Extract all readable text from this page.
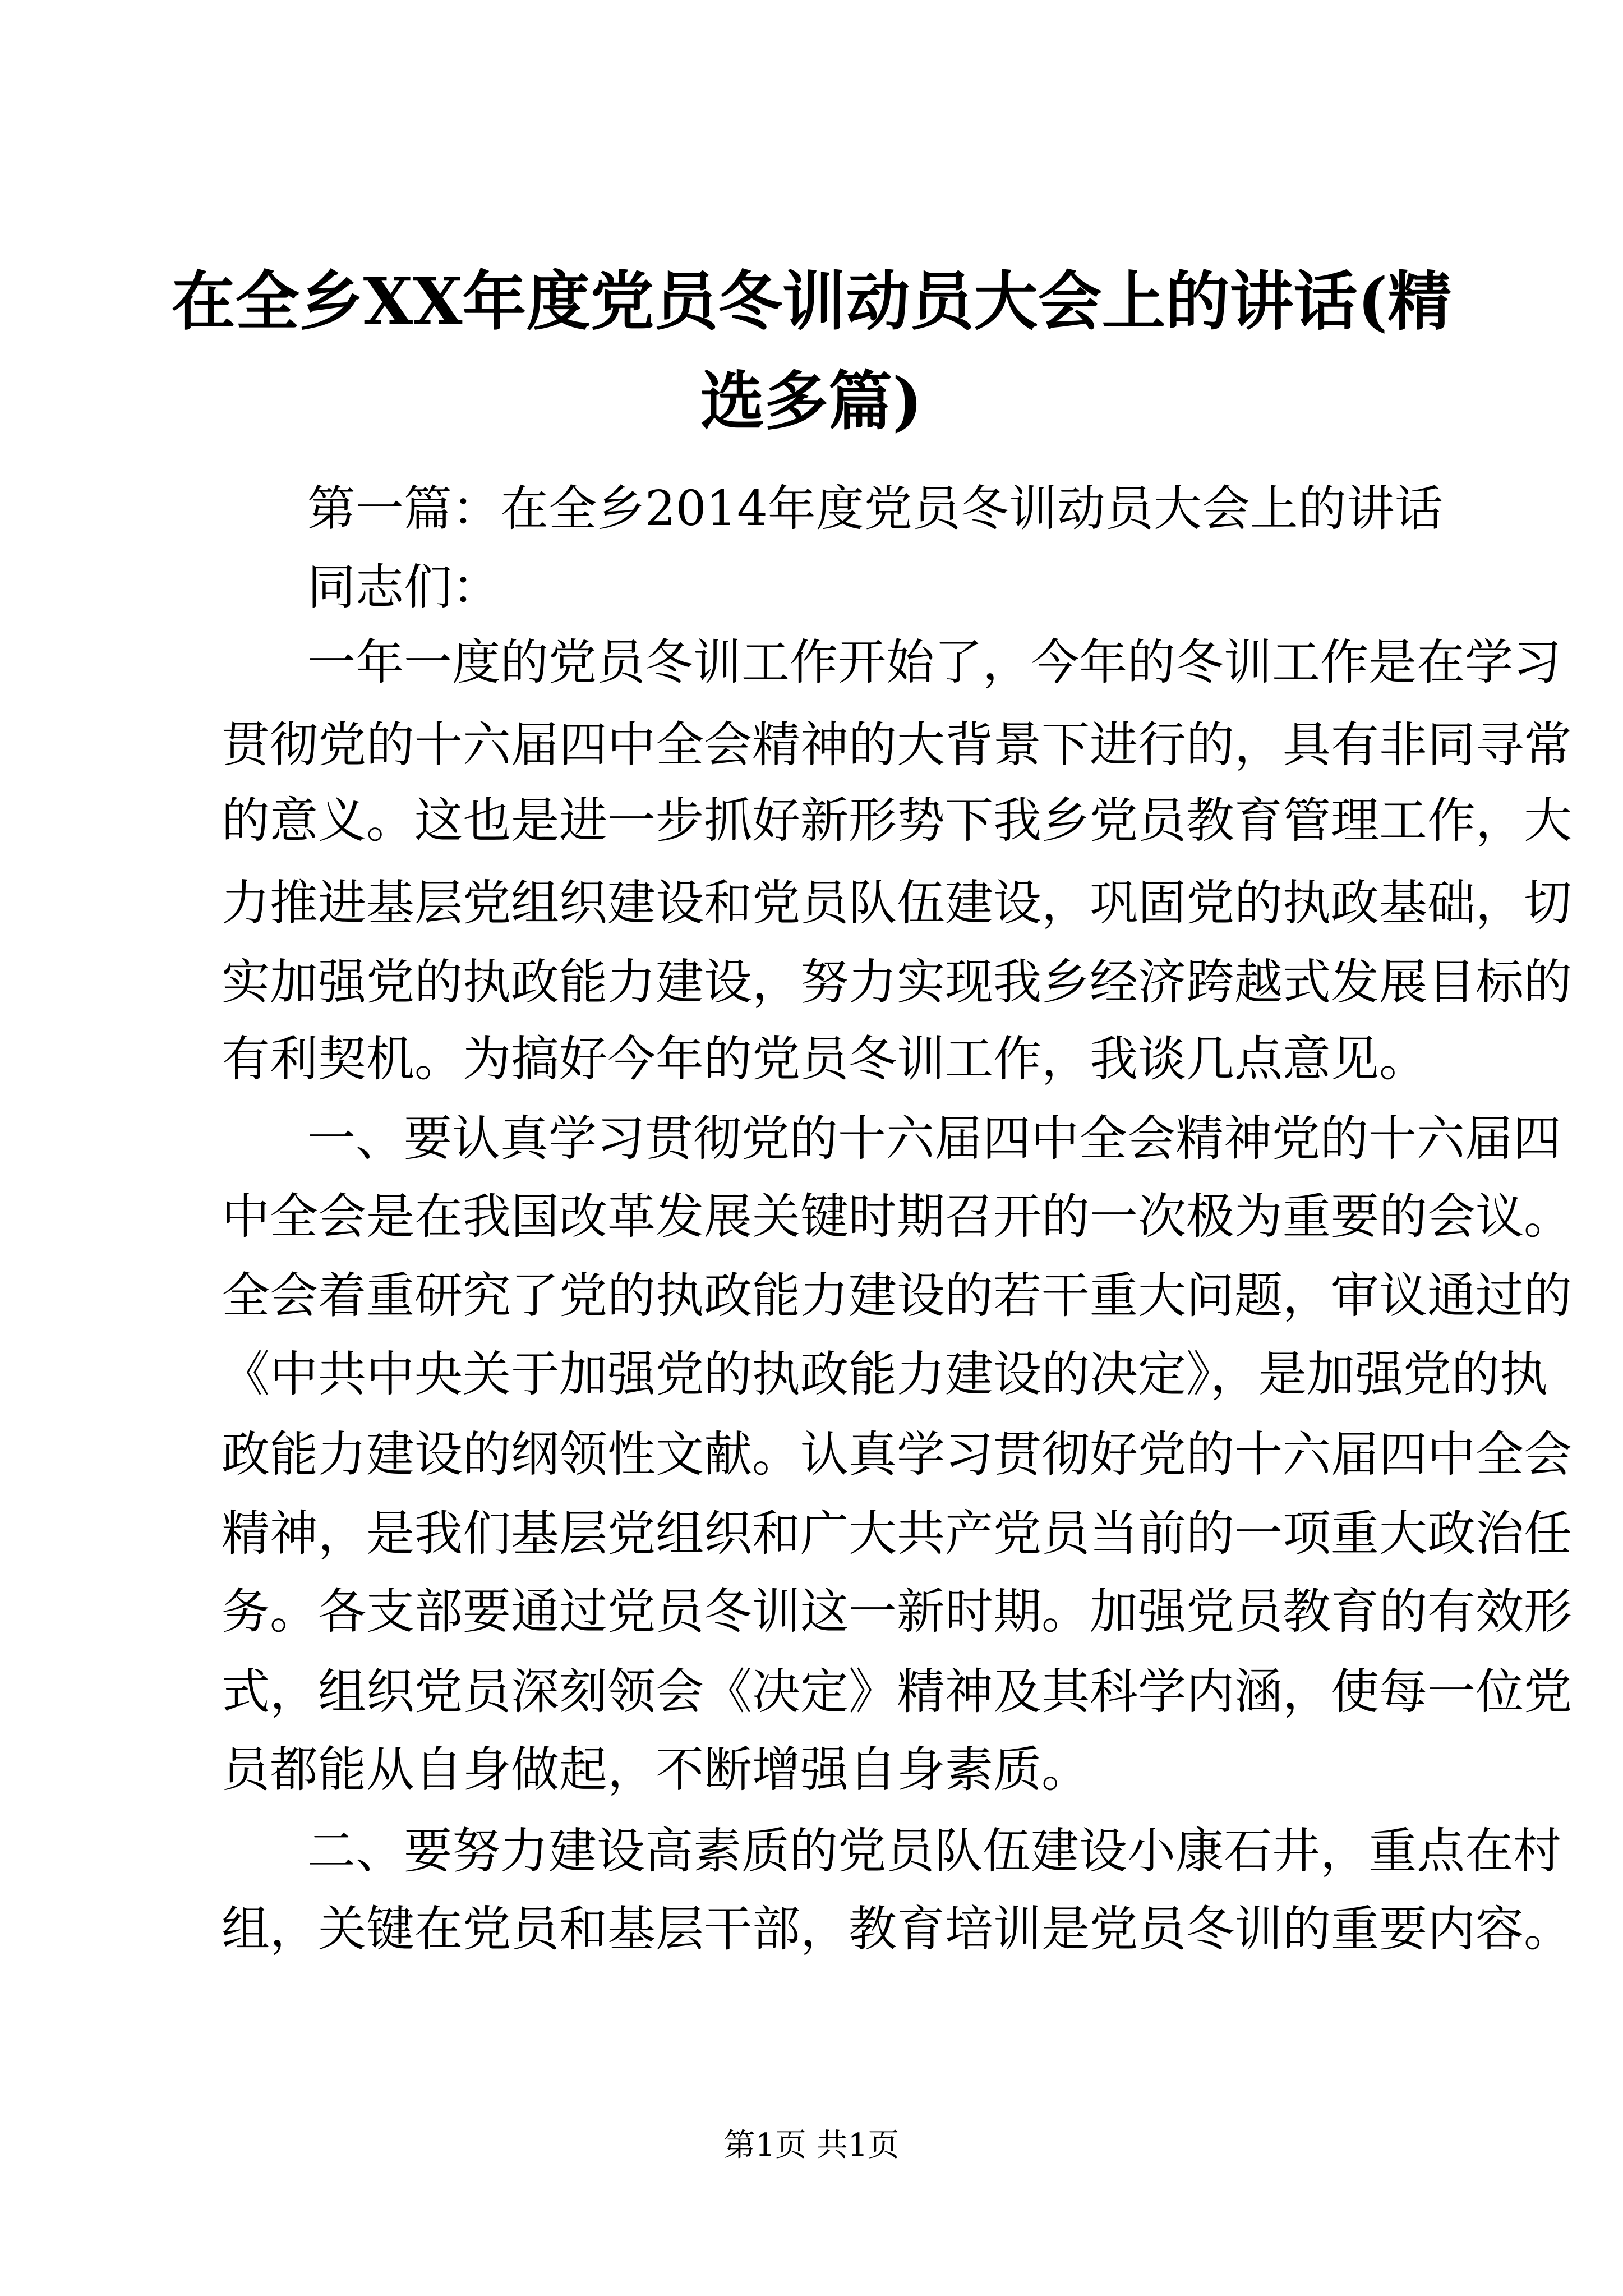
在全乡XX年度党员冬训动员大会上的讲话(精
选多篇)

第一篇：在全乡2014年度党员冬训动员大会上的讲话

同志们：

一年一度的党员冬训工作开始了，今年的冬训工作是在学习

贯彻党的十六届四中全会精神的大背景下进行的，具有非同寻常

的意义。这也是进一步抓好新形势下我乡党员教育管理工作，大

力推进基层党组织建设和党员队伍建设，巩固党的执政基础，切

实加强党的执政能力建设，努力实现我乡经济跨越式发展目标的

有利契机。为搞好今年的党员冬训工作，我谈几点意见。

一、要认真学习贯彻党的十六届四中全会精神党的十六届四

中全会是在我国改革发展关键时期召开的一次极为重要的会议。

全会着重研究了党的执政能力建设的若干重大问题，审议通过的

《中共中央关于加强党的执政能力建设的决定》，是加强党的执

政能力建设的纲领性文献。认真学习贯彻好党的十六届四中全会

精神，是我们基层党组织和广大共产党员当前的一项重大政治任

务。各支部要通过党员冬训这一新时期。加强党员教育的有效形

式，组织党员深刻领会《决定》精神及其科学内涵，使每一位党

员都能从自身做起，不断增强自身素质。

二、要努力建设高素质的党员队伍建设小康石井，重点在村

组，关键在党员和基层干部，教育培训是党员冬训的重要内容。

第1页 共1页
